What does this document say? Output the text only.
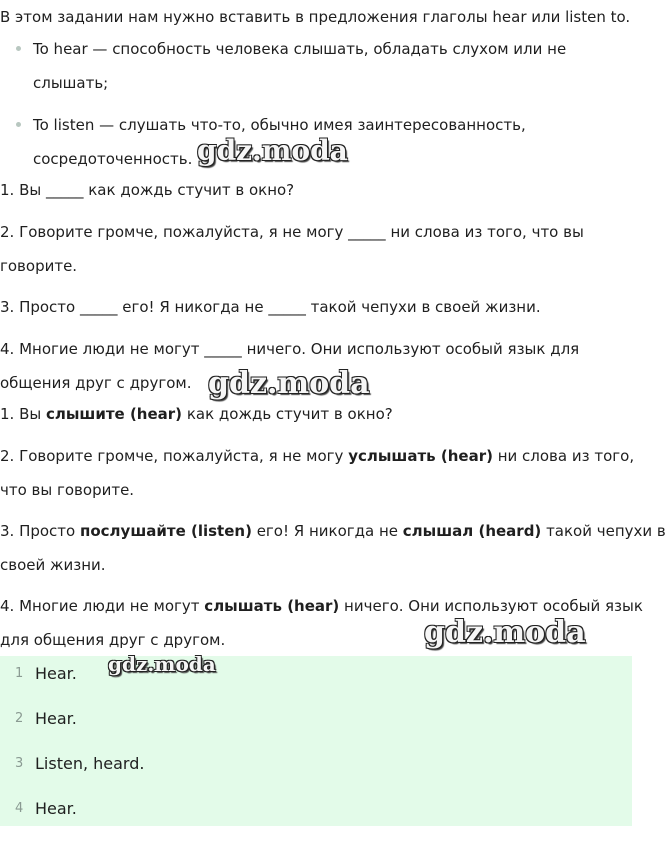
В этом задании нам нужно вставить в предложения глаголы hear или listen to.

To hear — способность человека слышать, обладать слухом или не
слышать;
To listen — слушать что-то, обычно имея заинтересованность,
сосредоточенность.

1. Вы _____ как дождь стучит в окно?

2. Говорите громче, пожалуйста, я не могу _____ ни слова из того, что вы

говорите.

3. Просто _____ его! Я никогда не _____ такой чепухи в своей жизни.

4. Многие люди не могут _____ ничего. Они используют особый язык для

общения друг с другом.

1. Вы слышите (hear) как дождь стучит в окно?

2. Говорите громче, пожалуйста, я не могу услышать (hear) ни слова из того,

что вы говорите.

3. Просто послушайте (listen) его! Я никогда не слышал (heard) такой чепухи в

своей жизни.

4. Многие люди не могут слышать (hear) ничего. Они используют особый язык

для общения друг с другом.

1 Hear.
2 Hear.
3 Listen, heard.
4 Hear.
gdz.moda
gdz.moda
gdz.moda
gdz.moda
